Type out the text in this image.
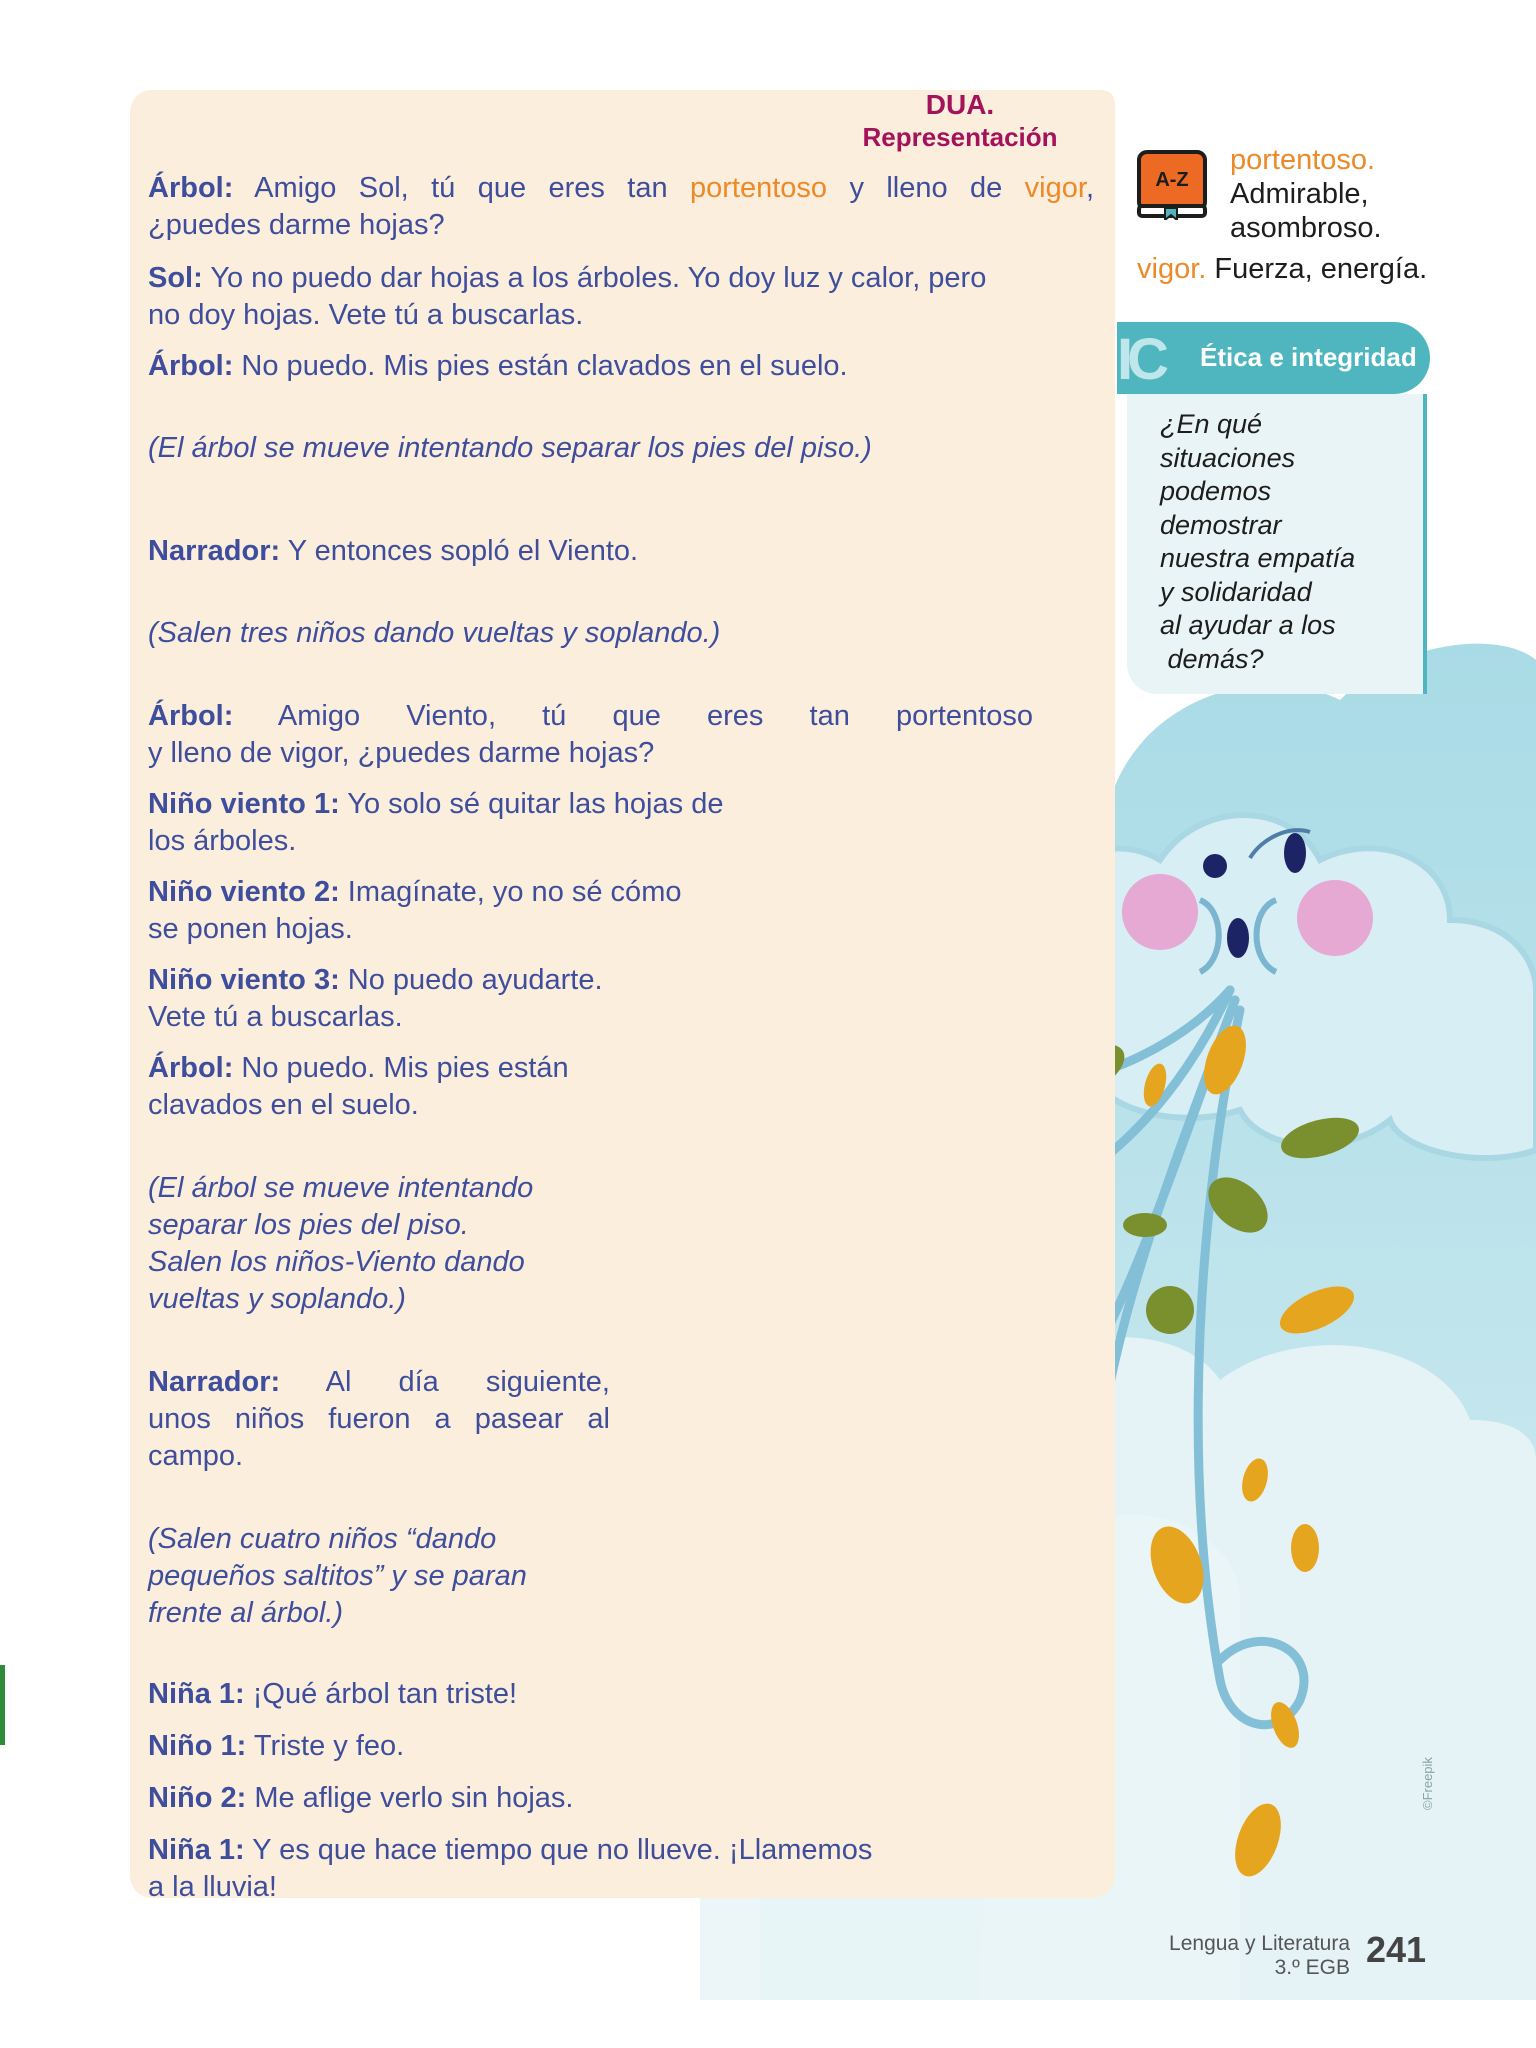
DUA.
Representación
Árbol: Amigo Sol, tú que eres tan portentoso y lleno de vigor,
¿puedes darme hojas?
Sol: Yo no puedo dar hojas a los árboles. Yo doy luz y calor, pero
no doy hojas. Vete tú a buscarlas.
Árbol: No puedo. Mis pies están clavados en el suelo.
(El árbol se mueve intentando separar los pies del piso.)
Narrador: Y entonces sopló el Viento.
(Salen tres niños dando vueltas y soplando.)
Árbol: Amigo Viento, tú que eres tan portentoso
y lleno de vigor, ¿puedes darme hojas?
Niño viento 1: Yo solo sé quitar las hojas de
los árboles.
Niño viento 2: Imagínate, yo no sé cómo
se ponen hojas.
Niño viento 3: No puedo ayudarte.
Vete tú a buscarlas.
Árbol: No puedo. Mis pies están
clavados en el suelo.
(El árbol se mueve intentando
separar los pies del piso.
Salen los niños-Viento dando
vueltas y soplando.)
Narrador: Al día siguiente,
unos niños fueron a pasear al
campo.
(Salen cuatro niños “dando
pequeños saltitos” y se paran
frente al árbol.)
Niña 1: ¡Qué árbol tan triste!
Niño 1: Triste y feo.
Niño 2: Me aflige verlo sin hojas.
Niña 1: Y es que hace tiempo que no llueve. ¡Llamemos
a la lluvia!
A-Z
portentoso.
Admirable,
asombroso.
vigor. Fuerza, energía.
IC Ética e integridad
¿En qué
situaciones
podemos
demostrar
nuestra empatía
y solidaridad
al ayudar a los
demás?
©Freepik
Lengua y Literatura
3.º EGB 241
